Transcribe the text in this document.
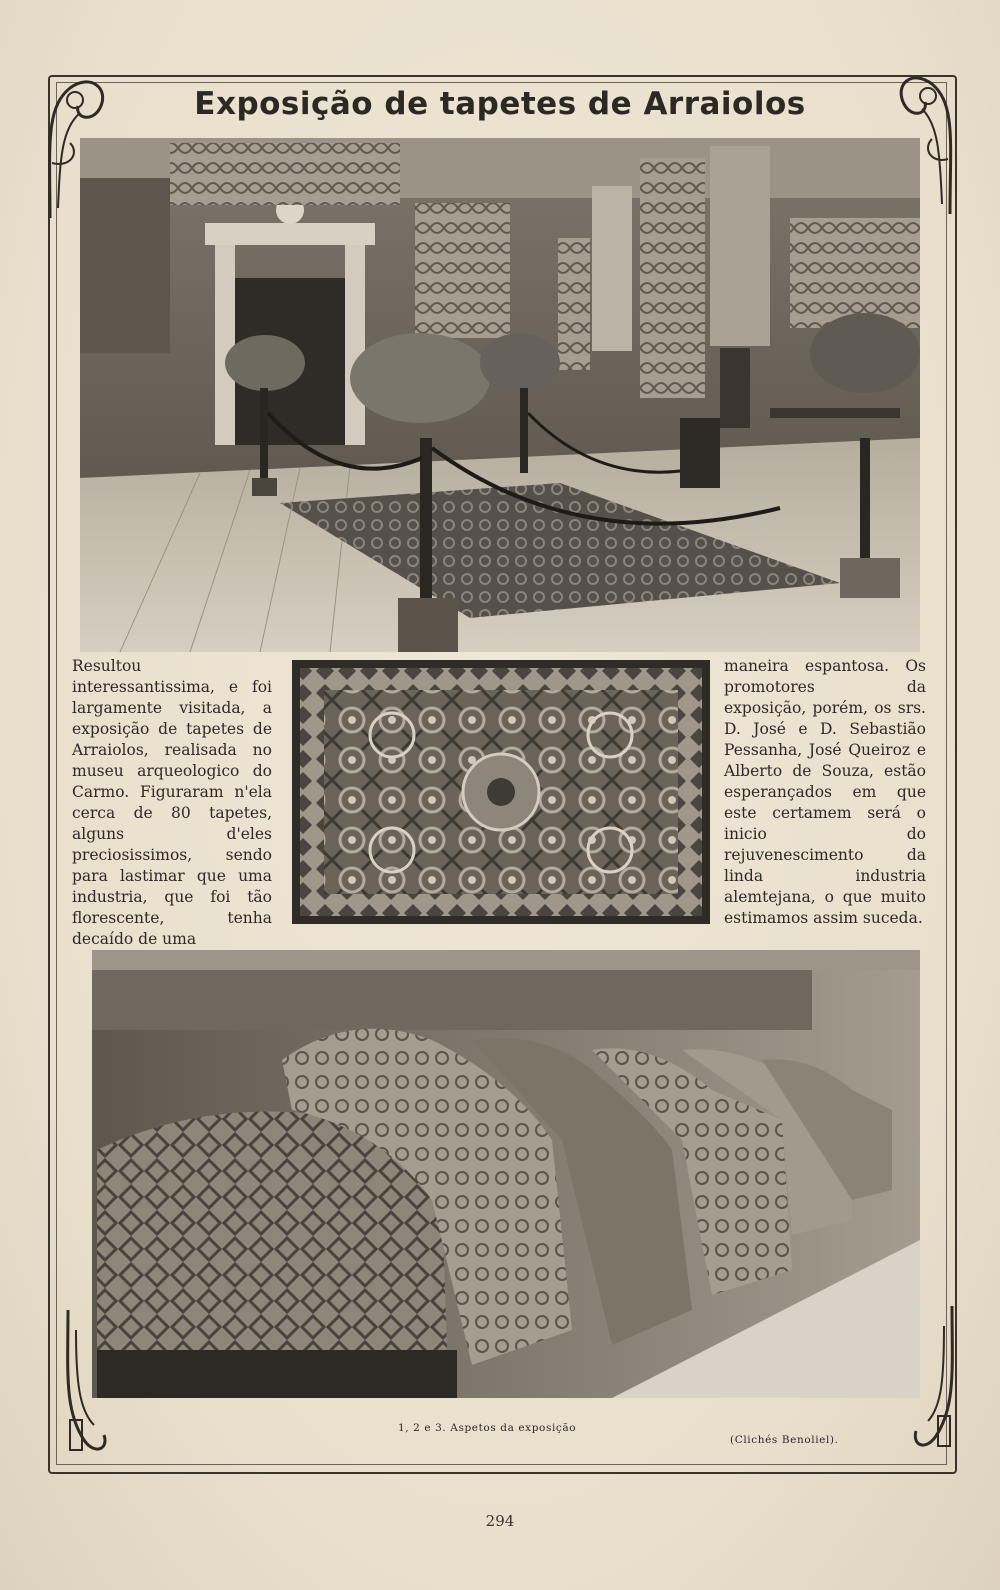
Exposição de tapetes de Arraiolos
Resultou interessantissima, e foi largamente visitada, a exposição de tapetes de Arraiolos, realisada no museu arqueologico do Carmo. Figuraram n'ela cerca de 80 tapetes, alguns d'eles preciosissimos, sendo para lastimar que uma industria, que foi tão florescente, tenha decaído de uma
maneira espantosa. Os promotores da exposição, porém, os srs. D. José e D. Sebastião Pessanha, José Queiroz e Alberto de Souza, estão esperançados em que este certamem será o inicio do rejuvenescimento da linda industria alemtejana, o que muito estimamos assim suceda.
1, 2 e 3. Aspetos da exposição
(Clichés Benoliel).
294
